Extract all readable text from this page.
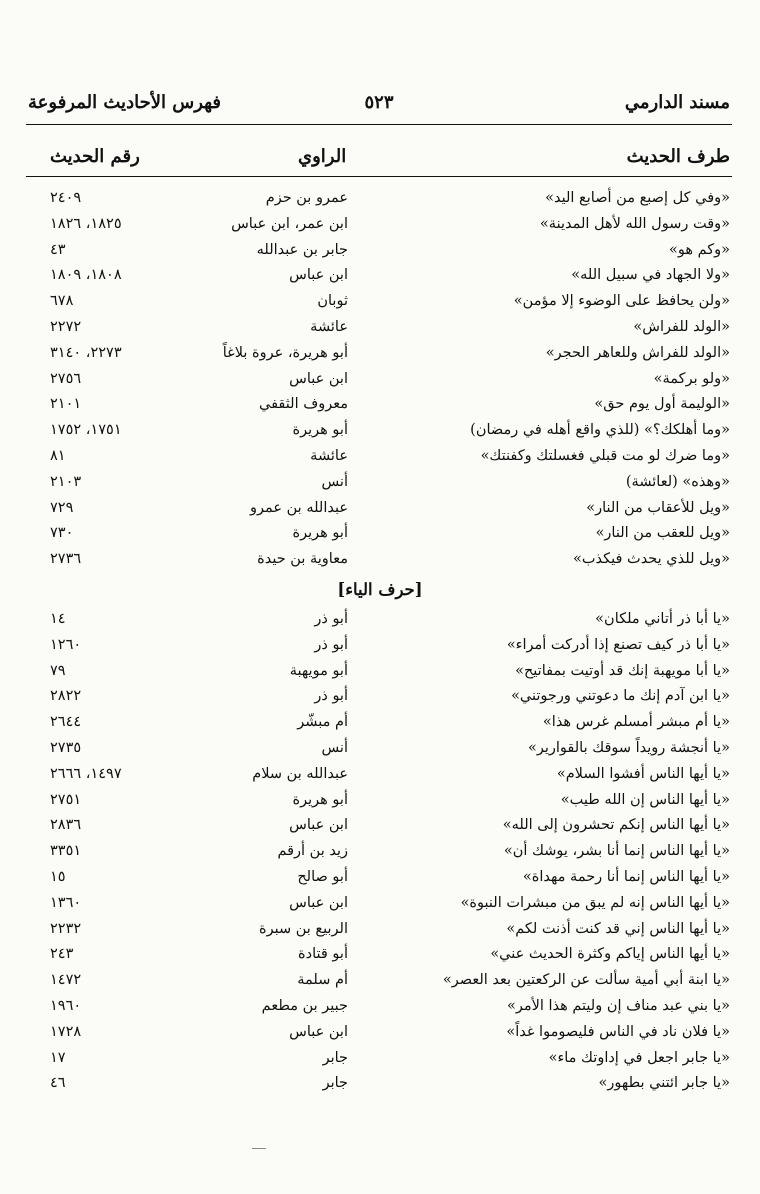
مسند الدارمي
٥٢٣
فهرس الأحاديث المرفوعة
طرف الحديث
الراوي
رقم الحديث
«وفي كل إصبع من أصابع اليد»
عمرو بن حزم
٢٤٠٩
«وقت رسول الله لأهل المدينة»
ابن عمر، ابن عباس
١٨٢٥، ١٨٢٦
«وكم هو»
جابر بن عبدالله
٤٣
«ولا الجهاد في سبيل الله»
ابن عباس
١٨٠٨، ١٨٠٩
«ولن يحافظ على الوضوء إلا مؤمن»
ثوبان
٦٧٨
«الولد للفراش»
عائشة
٢٢٧٢
«الولد للفراش وللعاهر الحجر»
أبو هريرة، عروة بلاغاً
٢٢٧٣، ٣١٤٠
«ولو بركمة»
ابن عباس
٢٧٥٦
«الوليمة أول يوم حق»
معروف الثقفي
٢١٠١
«وما أهلكك؟» (للذي واقع أهله في رمضان)
أبو هريرة
١٧٥١، ١٧٥٢
«وما ضرك لو مت قبلي فغسلتك وكفنتك»
عائشة
٨١
«وهذه» (لعائشة)
أنس
٢١٠٣
«ويل للأعقاب من النار»
عبدالله بن عمرو
٧٢٩
«ويل للعقب من النار»
أبو هريرة
٧٣٠
«ويل للذي يحدث فيكذب»
معاوية بن حيدة
٢٧٣٦
[حرف الياء]
«يا أبا ذر أتاني ملكان»
أبو ذر
١٤
«يا أبا ذر كيف تصنع إذا أدركت أمراء»
أبو ذر
١٢٦٠
«يا أبا مويهبة إنك قد أوتيت بمفاتيح»
أبو مويهبة
٧٩
«يا ابن آدم إنك ما دعوتني ورجوتني»
أبو ذر
٢٨٢٢
«يا أم مبشر أمسلم غرس هذا»
أم مبشّر
٢٦٤٤
«يا أنجشة رويداً سوقك بالقوارير»
أنس
٢٧٣٥
«يا أيها الناس أفشوا السلام»
عبدالله بن سلام
١٤٩٧، ٢٦٦٦
«يا أيها الناس إن الله طيب»
أبو هريرة
٢٧٥١
«يا أيها الناس إنكم تحشرون إلى الله»
ابن عباس
٢٨٣٦
«يا أيها الناس إنما أنا بشر، يوشك أن»
زيد بن أرقم
٣٣٥١
«يا أيها الناس إنما أنا رحمة مهداة»
أبو صالح
١٥
«يا أيها الناس إنه لم يبق من مبشرات النبوة»
ابن عباس
١٣٦٠
«يا أيها الناس إني قد كنت أذنت لكم»
الربيع بن سبرة
٢٢٣٢
«يا أيها الناس إياكم وكثرة الحديث عني»
أبو قتادة
٢٤٣
«يا ابنة أبي أمية سألت عن الركعتين بعد العصر»
أم سلمة
١٤٧٢
«يا بني عبد مناف إن وليتم هذا الأمر»
جبير بن مطعم
١٩٦٠
«يا فلان ناد في الناس فليصوموا غداً»
ابن عباس
١٧٢٨
«يا جابر اجعل في إداوتك ماء»
جابر
١٧
«يا جابر ائتني بطهور»
جابر
٤٦
